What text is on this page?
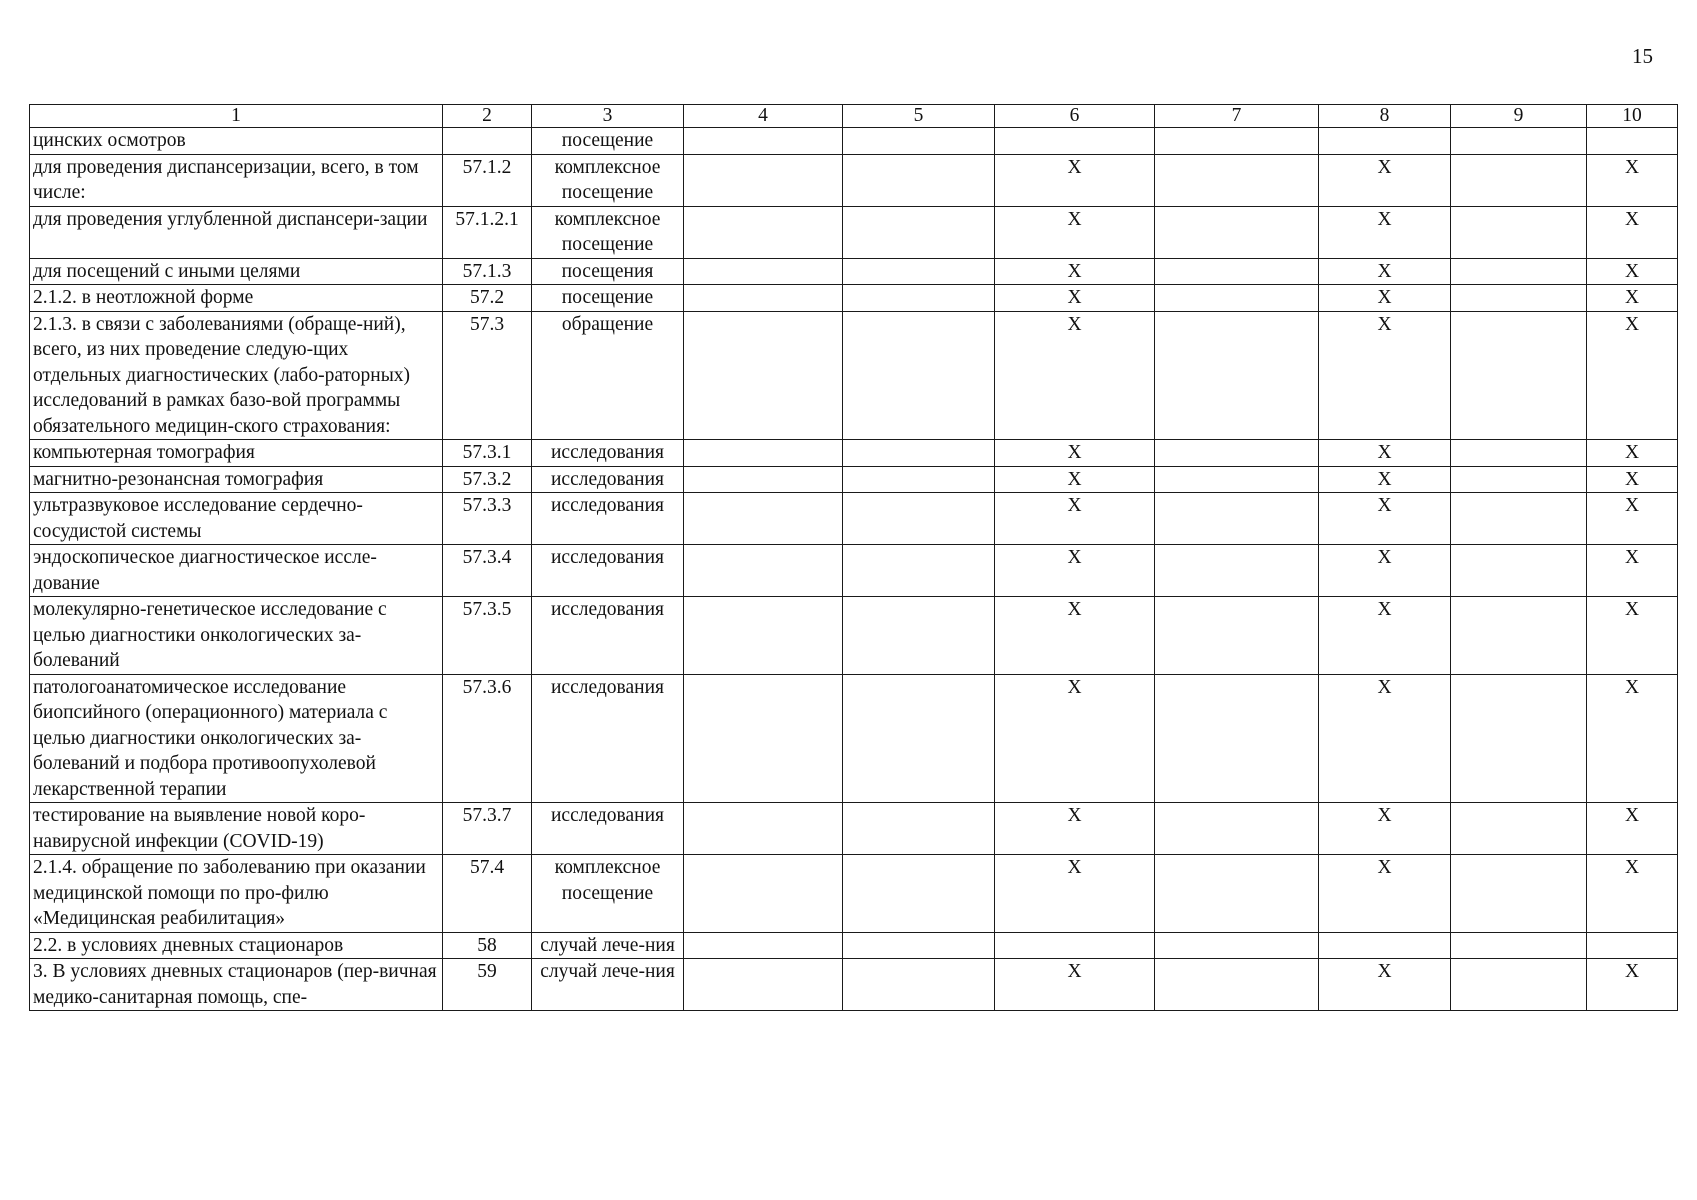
15
1	2	3	4	5	6	7	8	9	10
цинских осмотров		посещение							
для проведения диспансеризации, всего, в том числе:	57.1.2	комплексное посещение			X		X		X
для проведения углубленной диспансери-зации	57.1.2.1	комплексное посещение			X		X		X
для посещений с иными целями	57.1.3	посещения			X		X		X
2.1.2. в неотложной форме	57.2	посещение			X		X		X
2.1.3. в связи с заболеваниями (обраще-ний), всего, из них проведение следую-щих отдельных диагностических (лабо-раторных) исследований в рамках базо-вой программы обязательного медицин-ского страхования:	57.3	обращение			X		X		X
компьютерная томография	57.3.1	исследования			X		X		X
магнитно-резонансная томография	57.3.2	исследования			X		X		X
ультразвуковое исследование сердечно-сосудистой системы	57.3.3	исследования			X		X		X
эндоскопическое диагностическое иссле-дование	57.3.4	исследования			X		X		X
молекулярно-генетическое исследование с целью диагностики онкологических за-болеваний	57.3.5	исследования			X		X		X
патологоанатомическое исследование биопсийного (операционного) материала с целью диагностики онкологических за-болеваний и подбора противоопухолевой лекарственной терапии	57.3.6	исследования			X		X		X
тестирование на выявление новой коро-навирусной инфекции (COVID-19)	57.3.7	исследования			X		X		X
2.1.4. обращение по заболеванию при оказании медицинской помощи по про-филю «Медицинская реабилитация»	57.4	комплексное посещение			X		X		X
2.2. в условиях дневных стационаров	58	случай лече-ния							
3. В условиях дневных стационаров (пер-вичная медико-санитарная помощь, спе-	59	случай лече-ния			X		X		X
